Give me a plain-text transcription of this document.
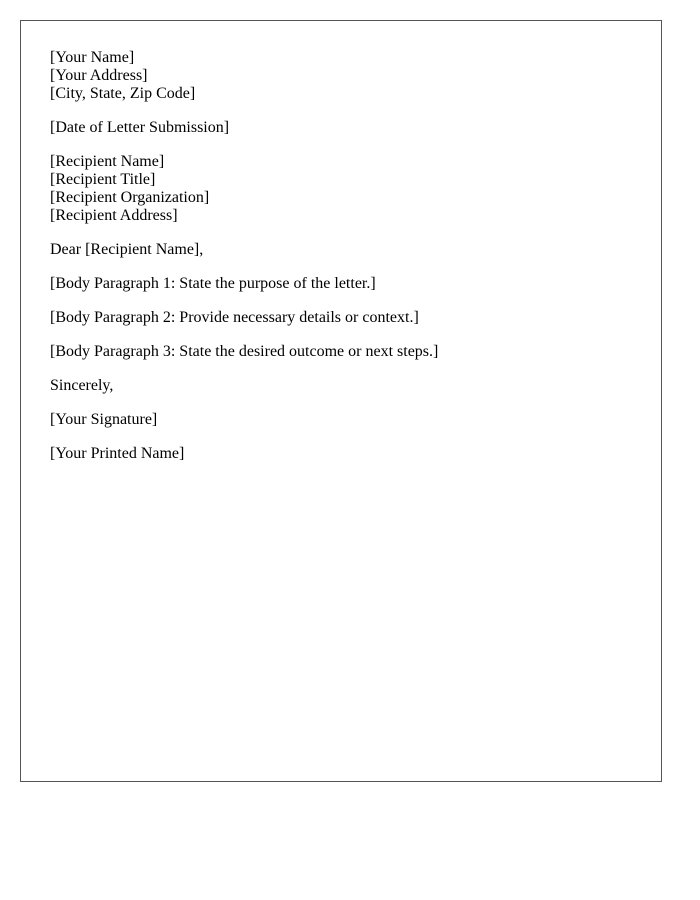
[Your Name]
[Your Address]
[City, State, Zip Code]
[Date of Letter Submission]
[Recipient Name]
[Recipient Title]
[Recipient Organization]
[Recipient Address]
Dear [Recipient Name],
[Body Paragraph 1: State the purpose of the letter.]
[Body Paragraph 2: Provide necessary details or context.]
[Body Paragraph 3: State the desired outcome or next steps.]
Sincerely,
[Your Signature]
[Your Printed Name]
